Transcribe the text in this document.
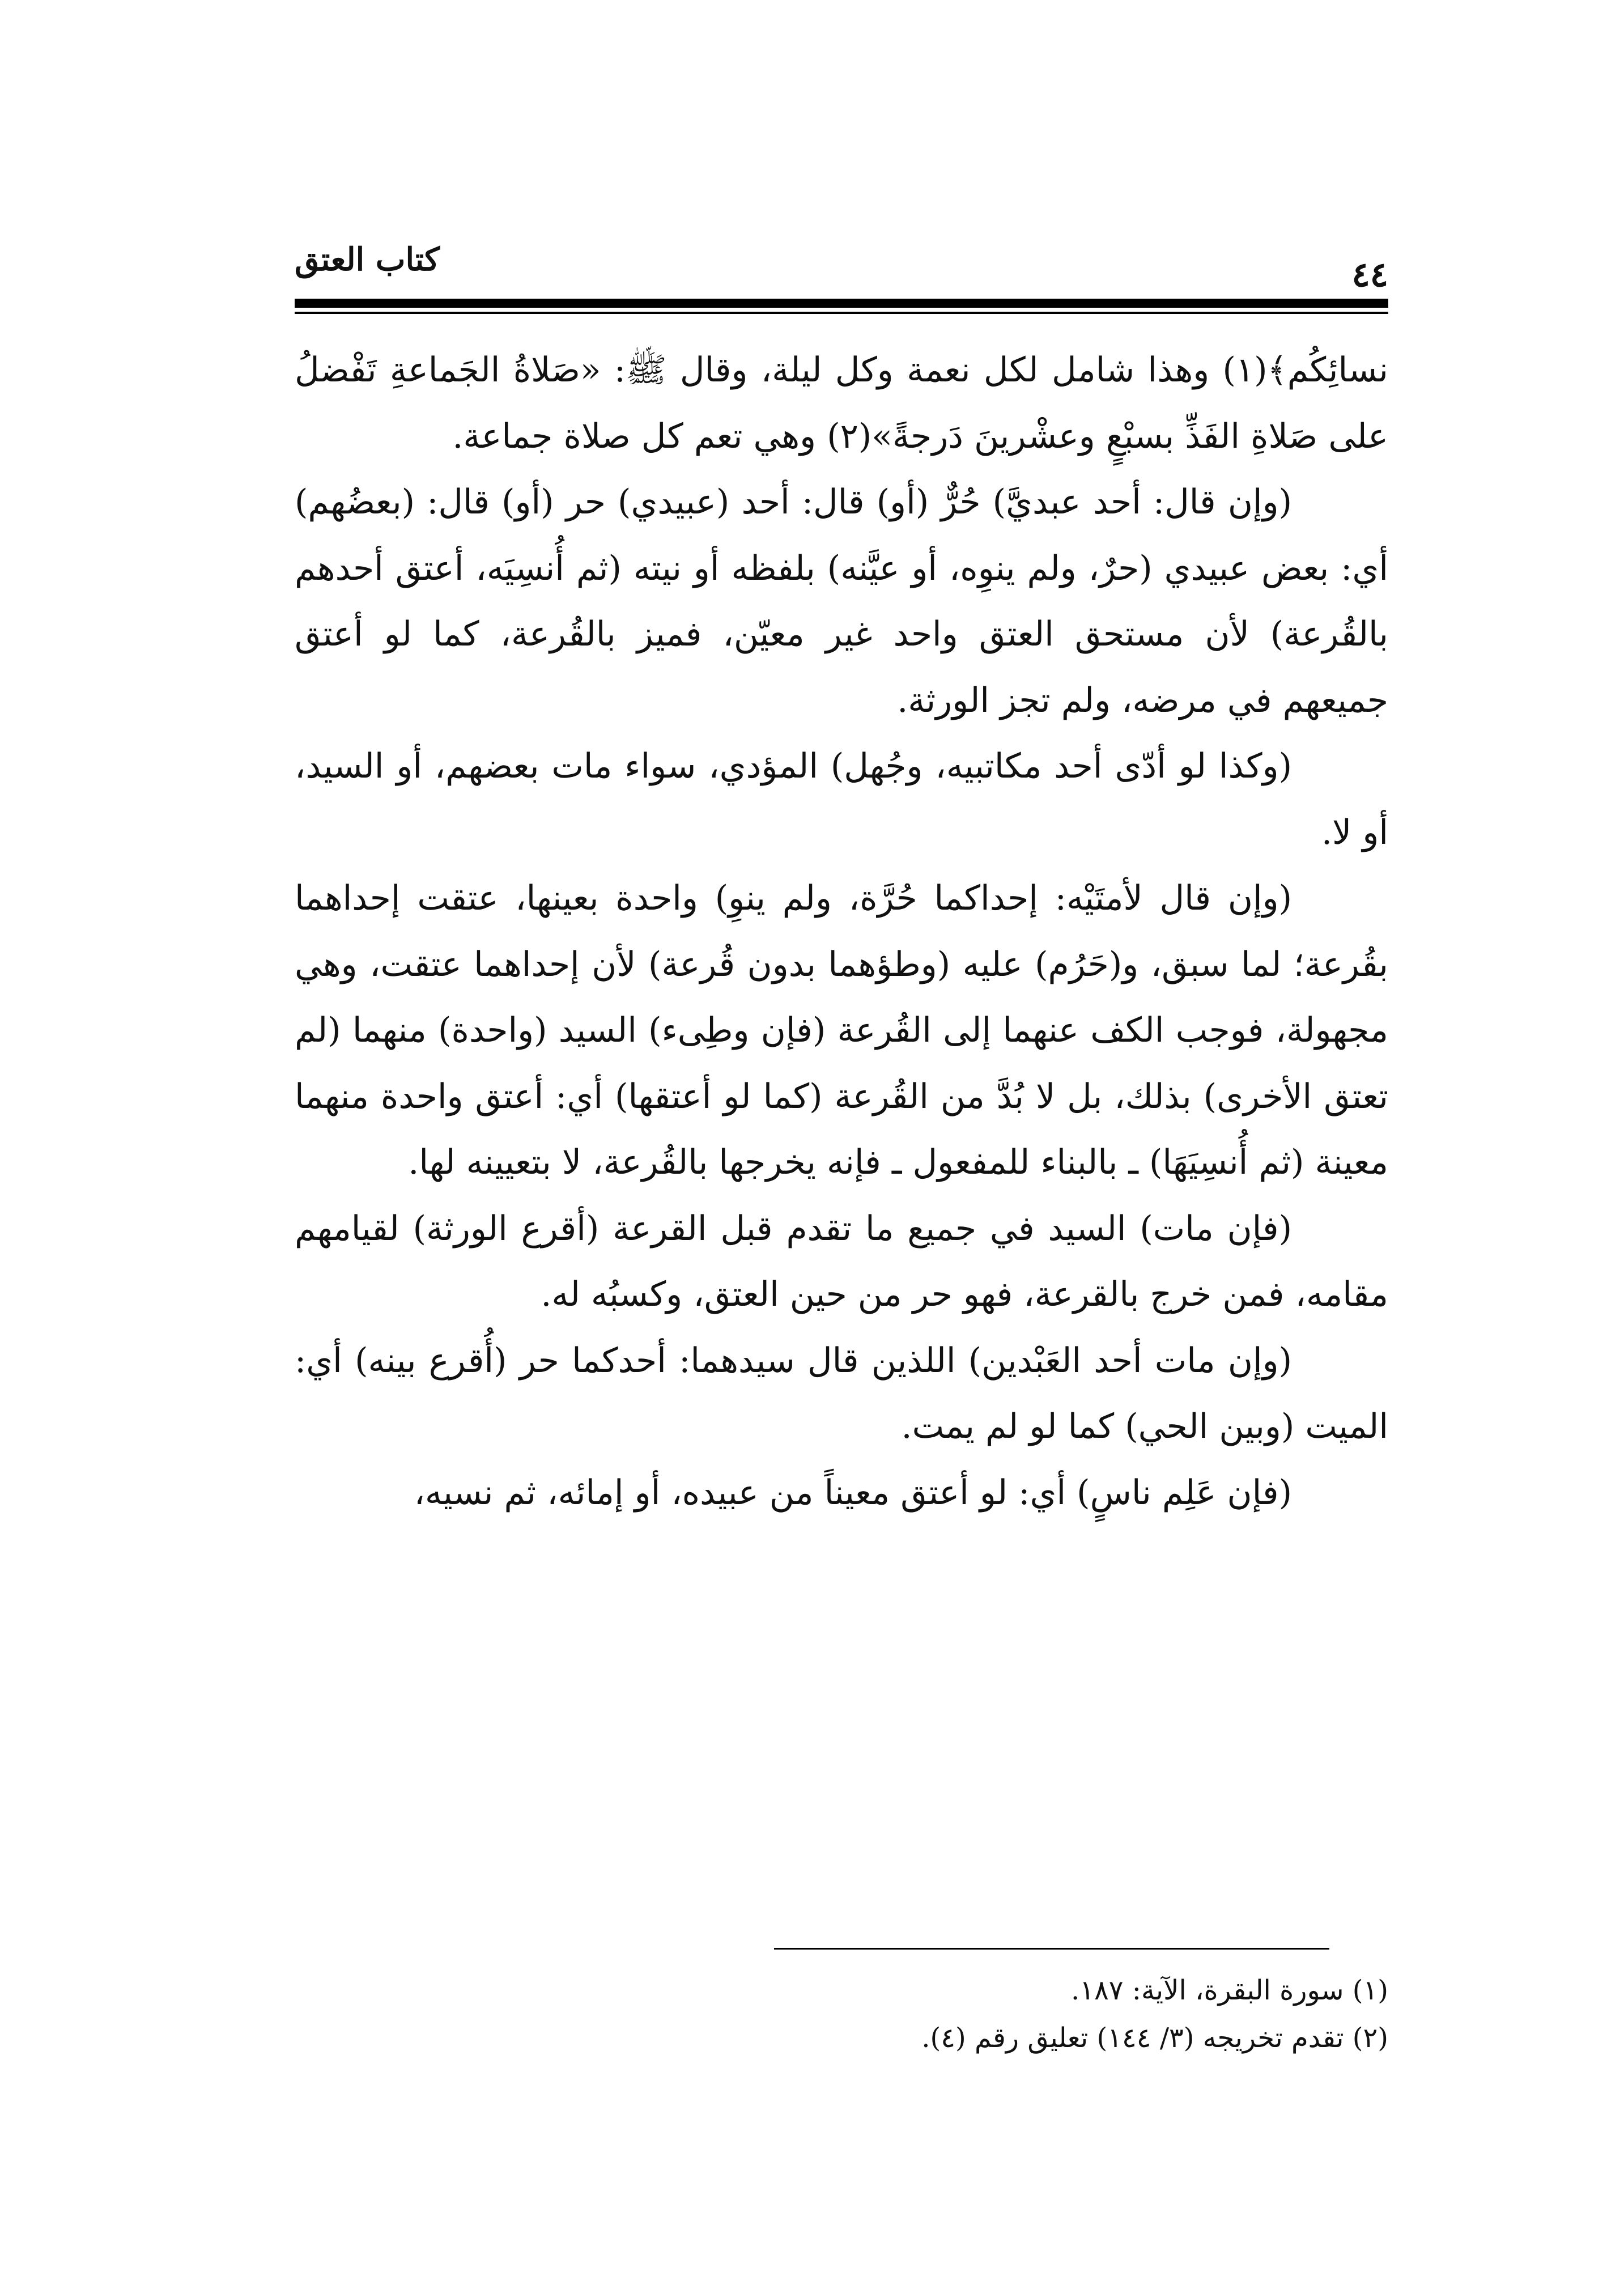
كتاب العتق	٤٤

نسائِكُم﴾(١) وهذا شامل لكل نعمة وكل ليلة، وقال ﷺ: «صَلاةُ الجَماعةِ تَفْضلُ على صَلاةِ الفَذِّ بسبْعٍ وعشْرينَ دَرجةً»(٢) وهي تعم كل صلاة جماعة.

(وإن قال: أحد عبديَّ) حُرٌّ (أو) قال: أحد (عبيدي) حر (أو) قال: (بعضُهم) أي: بعض عبيدي (حرٌ، ولم ينوِه، أو عيَّنه) بلفظه أو نيته (ثم أُنسِيَه، أعتق أحدهم بالقُرعة) لأن مستحق العتق واحد غير معيّن، فميز بالقُرعة، كما لو أعتق جميعهم في مرضه، ولم تجز الورثة.

(وكذا لو أدّى أحد مكاتبيه، وجُهل) المؤدي، سواء مات بعضهم، أو السيد، أو لا.

(وإن قال لأمتَيْه: إحداكما حُرَّة، ولم ينوِ) واحدة بعينها، عتقت إحداهما بقُرعة؛ لما سبق، و(حَرُم) عليه (وطؤهما بدون قُرعة) لأن إحداهما عتقت، وهي مجهولة، فوجب الكف عنهما إلى القُرعة (فإن وطِىء) السيد (واحدة) منهما (لم تعتق الأخرى) بذلك، بل لا بُدَّ من القُرعة (كما لو أعتقها) أي: أعتق واحدة منهما معينة (ثم أُنسِيَهَا) ـ بالبناء للمفعول ـ فإنه يخرجها بالقُرعة، لا بتعيينه لها.

(فإن مات) السيد في جميع ما تقدم قبل القرعة (أقرع الورثة) لقيامهم مقامه، فمن خرج بالقرعة، فهو حر من حين العتق، وكسبُه له.

(وإن مات أحد العَبْدين) اللذين قال سيدهما: أحدكما حر (أُقرع بينه) أي: الميت (وبين الحي) كما لو لم يمت.

(فإن عَلِم ناسٍ) أي: لو أعتق معيناً من عبيده، أو إمائه، ثم نسيه،

(١) سورة البقرة، الآية: ١٨٧.
(٢) تقدم تخريجه (٣/ ١٤٤) تعليق رقم (٤).
